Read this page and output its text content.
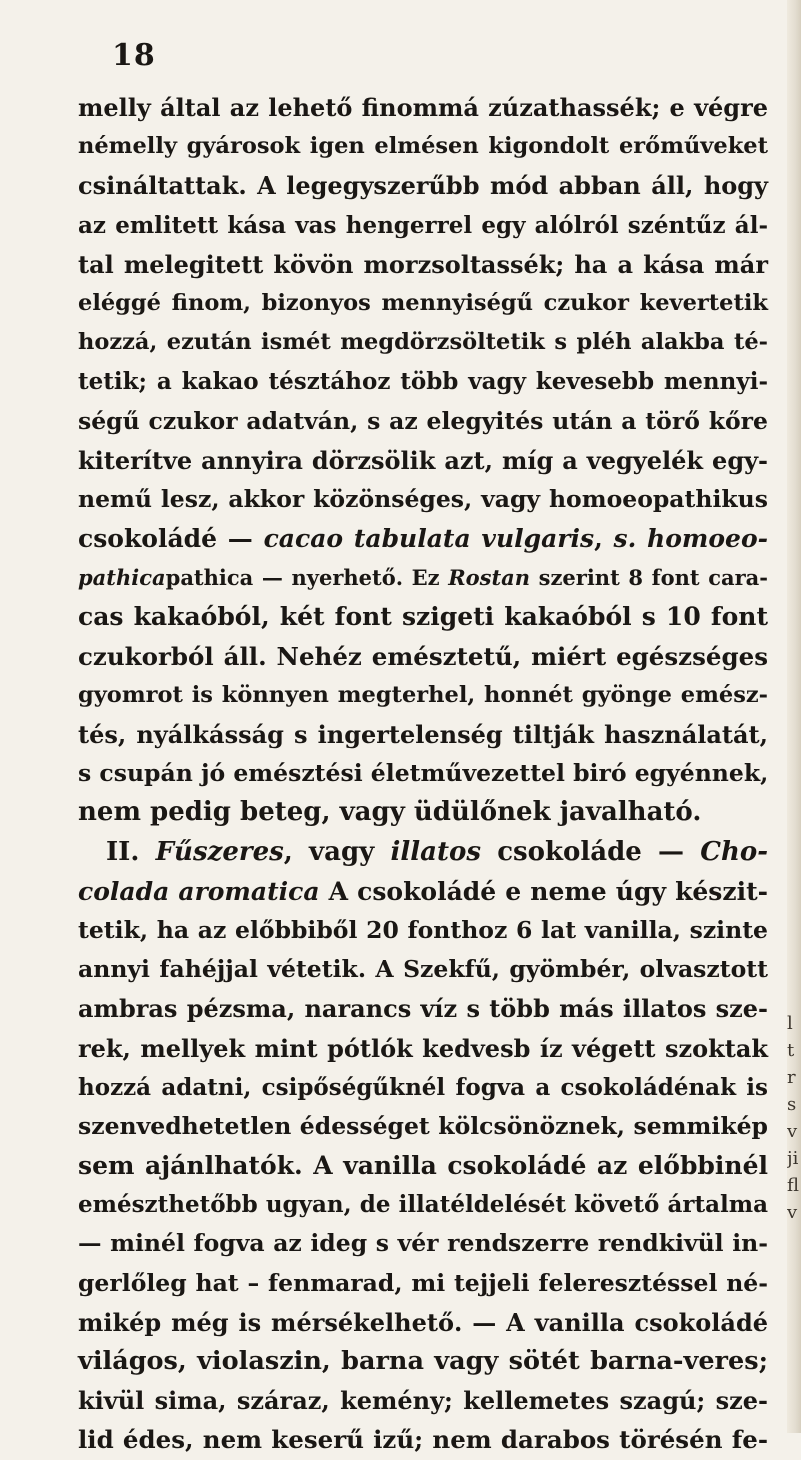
18
melly által az lehető finommá zúzathassék; e végre
némelly gyárosok igen elmésen kigondolt erőműveket
csináltattak. A legegyszerűbb mód abban áll, hogy
az emlitett kása vas hengerrel egy alólról széntűz ál-
tal melegitett kövön morzsoltassék; ha a kása már
eléggé finom, bizonyos mennyiségű czukor kevertetik
hozzá, ezután ismét megdörzsöltetik s pléh alakba té-
tetik; a kakao tésztához több vagy kevesebb mennyi-
ségű czukor adatván, s az elegyités után a törő kőre
kiterítve annyira dörzsölik azt, míg a vegyelék egy-
nemű lesz, akkor közönséges, vagy homoeopathikus
csokoládé — cacao tabulata vulgaris, s. homoeo-
pathicapathica — nyerhető. Ez Rostan szerint 8 font cara-
cas kakaóból, két font szigeti kakaóból s 10 font
czukorból áll. Nehéz emésztetű, miért egészséges
gyomrot is könnyen megterhel, honnét gyönge emész-
tés, nyálkásság s ingertelenség tiltják használatát,
s csupán jó emésztési életművezettel biró egyénnek,
nem pedig beteg, vagy üdülőnek javalható.
II. Fűszeres, vagy illatos csokoláde — Cho-
colada aromatica A csokoládé e neme úgy készit-
tetik, ha az előbbiből 20 fonthoz 6 lat vanilla, szinte
annyi fahéjjal vétetik. A Szekfű, gyömbér, olvasztott
ambras pézsma, narancs víz s több más illatos sze-
rek, mellyek mint pótlók kedvesb íz végett szoktak
hozzá adatni, csipőségűknél fogva a csokoládénak is
szenvedhetetlen édességet kölcsönöznek, semmikép
sem ajánlhatók. A vanilla csokoládé az előbbinél
emészthetőbb ugyan, de illatéldelését követő ártalma
— minél fogva az ideg s vér rendszerre rendkivül in-
gerlőleg hat – fenmarad, mi tejjeli feleresztéssel né-
mikép még is mérsékelhető. — A vanilla csokoládé
világos, violaszin, barna vagy sötét barna-veres;
kivül sima, száraz, kemény; kellemetes szagú; sze-
lid édes, nem keserű izű; nem darabos törésén fe-
l
t
r
s
v
ji
fl
v
